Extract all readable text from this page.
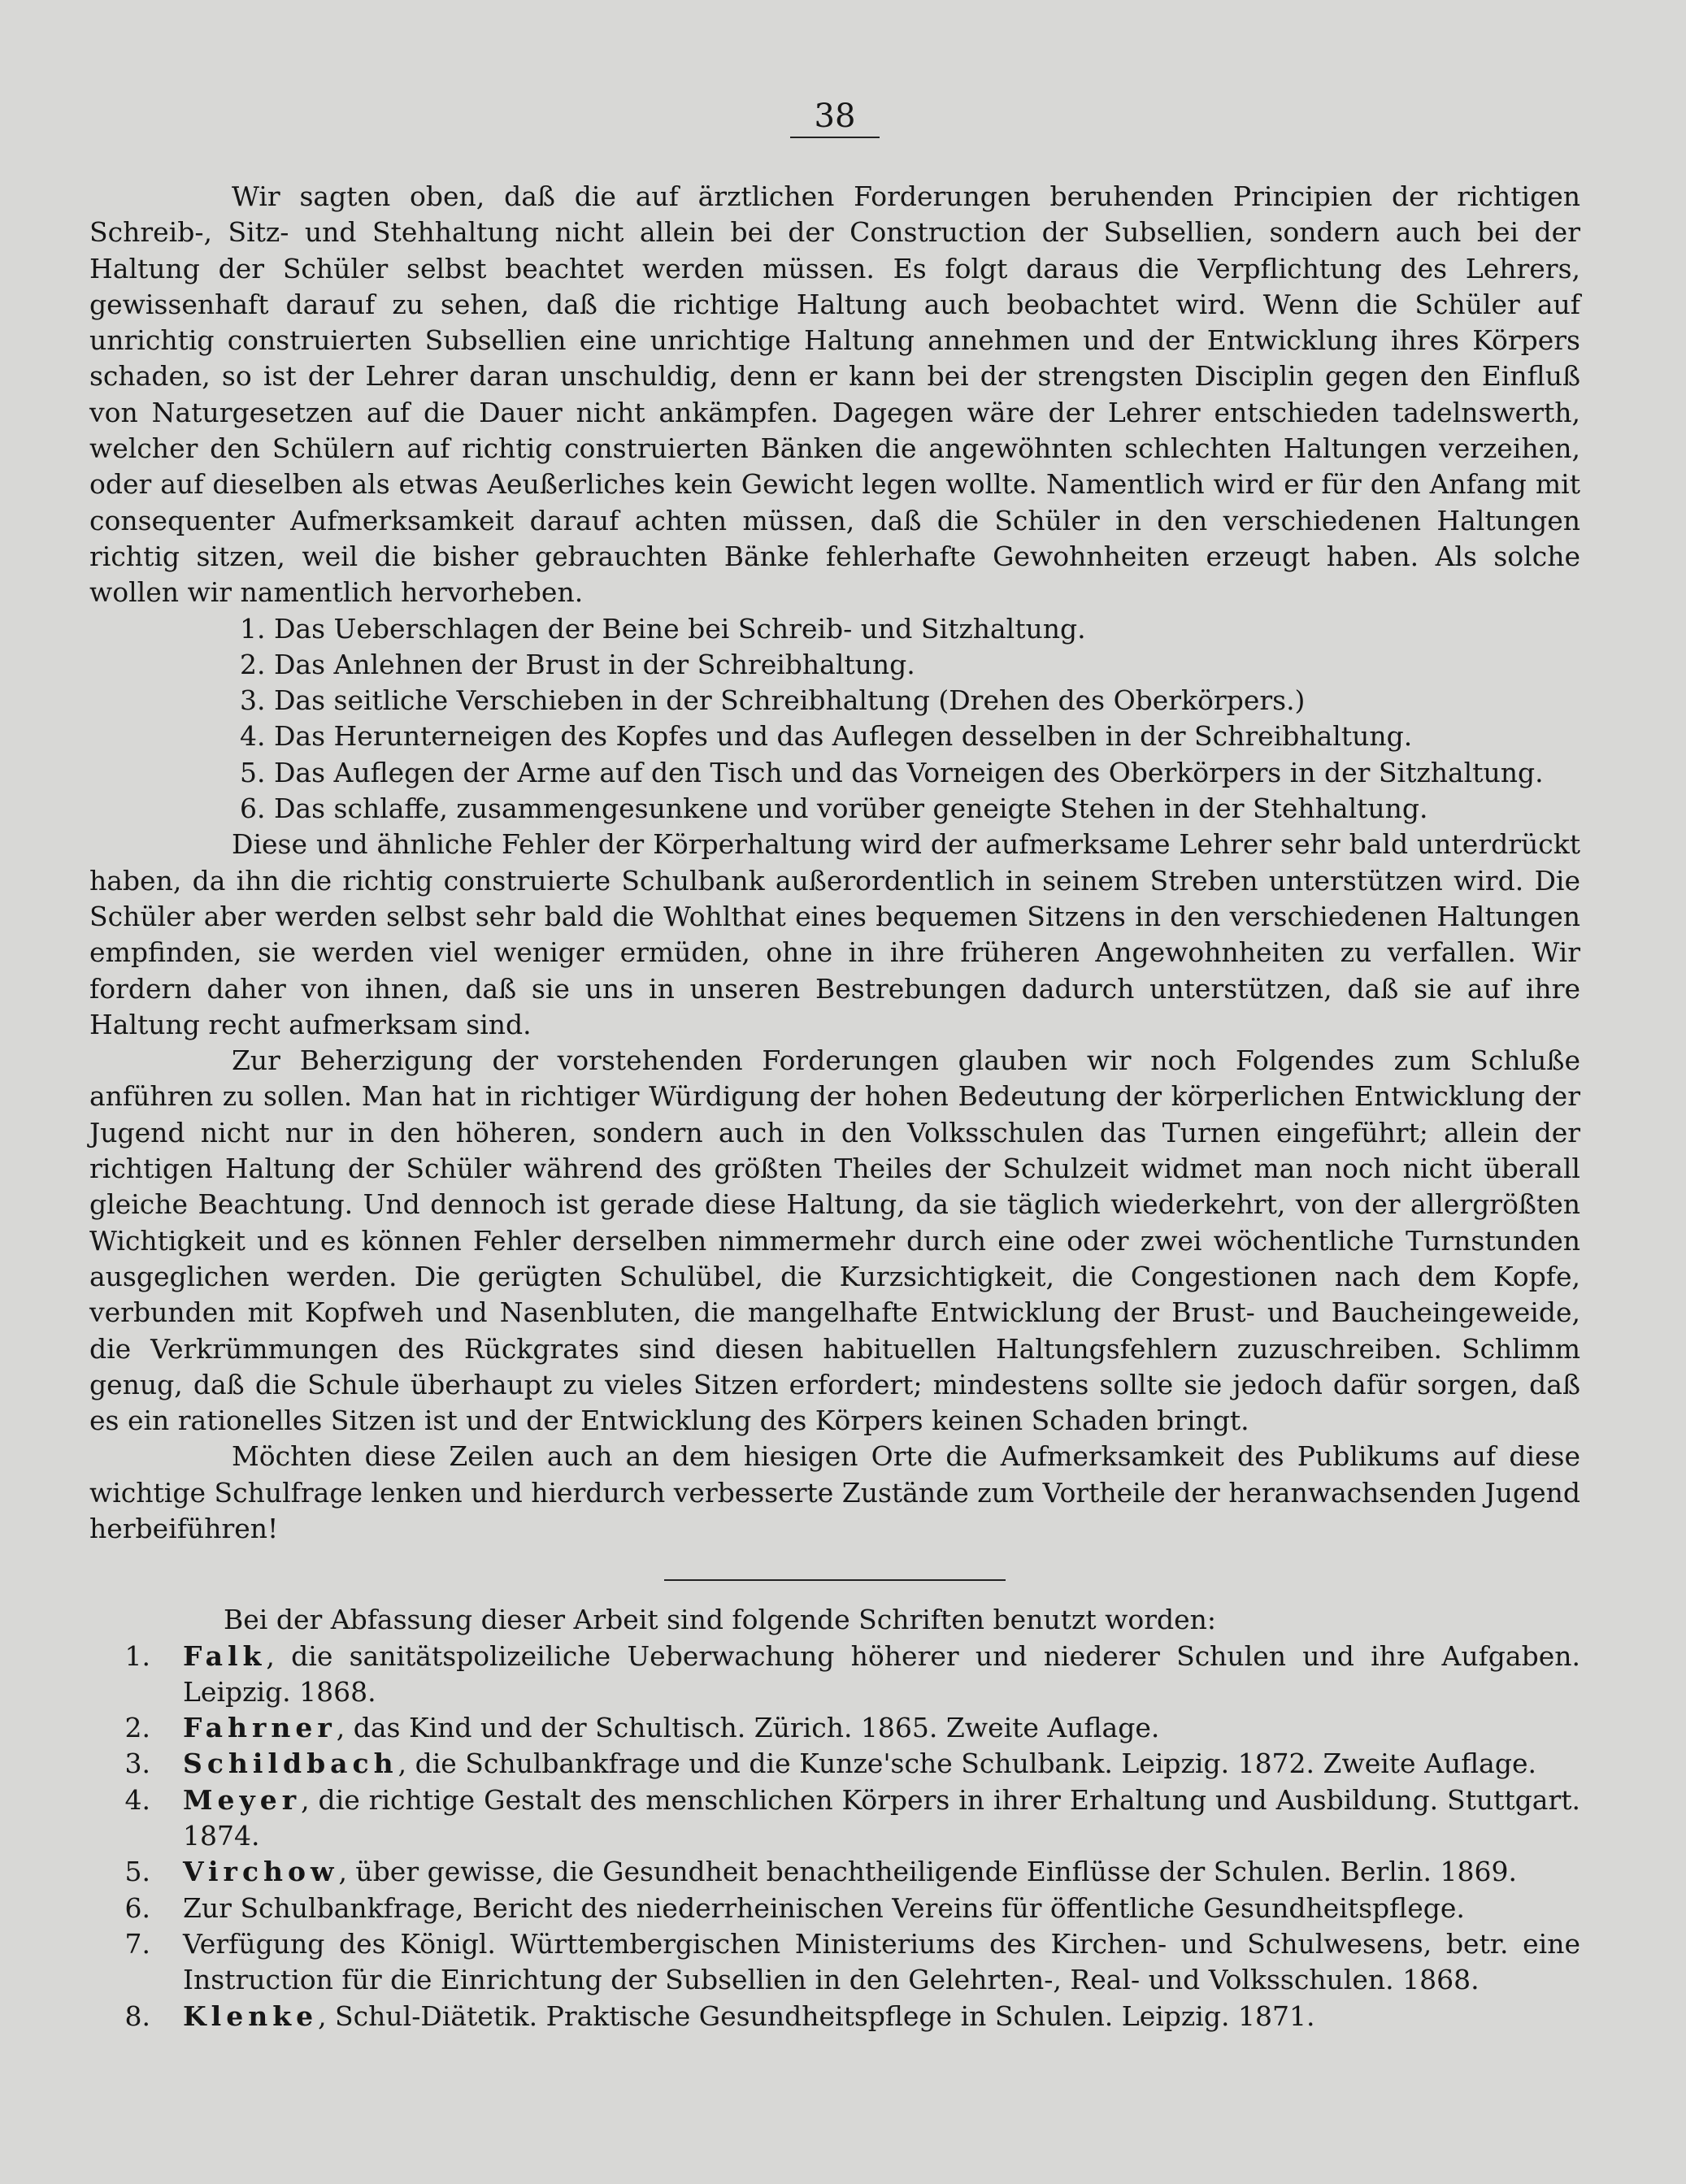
38

Wir sagten oben, daß die auf ärztlichen Forderungen beruhenden Principien der richtigen Schreib-, Sitz- und Stehhaltung nicht allein bei der Construction der Subsellien, sondern auch bei der Haltung der Schüler selbst beachtet werden müssen. Es folgt daraus die Verpflichtung des Lehrers, gewissenhaft darauf zu sehen, daß die richtige Haltung auch beobachtet wird. Wenn die Schüler auf unrichtig construierten Subsellien eine unrichtige Haltung annehmen und der Entwicklung ihres Körpers schaden, so ist der Lehrer daran unschuldig, denn er kann bei der strengsten Disciplin gegen den Einfluß von Naturgesetzen auf die Dauer nicht ankämpfen. Dagegen wäre der Lehrer entschieden tadelnswerth, welcher den Schülern auf richtig construierten Bänken die angewöhnten schlechten Haltungen verzeihen, oder auf dieselben als etwas Aeußerliches kein Gewicht legen wollte. Namentlich wird er für den Anfang mit consequenter Aufmerksamkeit darauf achten müssen, daß die Schüler in den verschiedenen Haltungen richtig sitzen, weil die bisher gebrauchten Bänke fehlerhafte Gewohnheiten erzeugt haben. Als solche wollen wir namentlich hervorheben.

1. Das Ueberschlagen der Beine bei Schreib- und Sitzhaltung.
2. Das Anlehnen der Brust in der Schreibhaltung.
3. Das seitliche Verschieben in der Schreibhaltung (Drehen des Oberkörpers.)
4. Das Herunterneigen des Kopfes und das Auflegen desselben in der Schreibhaltung.
5. Das Auflegen der Arme auf den Tisch und das Vorneigen des Oberkörpers in der Sitzhaltung.
6. Das schlaffe, zusammengesunkene und vorüber geneigte Stehen in der Stehhaltung.

Diese und ähnliche Fehler der Körperhaltung wird der aufmerksame Lehrer sehr bald unterdrückt haben, da ihn die richtig construierte Schulbank außerordentlich in seinem Streben unterstützen wird. Die Schüler aber werden selbst sehr bald die Wohlthat eines bequemen Sitzens in den verschiedenen Haltungen empfinden, sie werden viel weniger ermüden, ohne in ihre früheren Angewohnheiten zu verfallen. Wir fordern daher von ihnen, daß sie uns in unseren Bestrebungen dadurch unterstützen, daß sie auf ihre Haltung recht aufmerksam sind.

Zur Beherzigung der vorstehenden Forderungen glauben wir noch Folgendes zum Schluße anführen zu sollen. Man hat in richtiger Würdigung der hohen Bedeutung der körperlichen Entwicklung der Jugend nicht nur in den höheren, sondern auch in den Volksschulen das Turnen eingeführt; allein der richtigen Haltung der Schüler während des größten Theiles der Schulzeit widmet man noch nicht überall gleiche Beachtung. Und dennoch ist gerade diese Haltung, da sie täglich wiederkehrt, von der allergrößten Wichtigkeit und es können Fehler derselben nimmermehr durch eine oder zwei wöchentliche Turnstunden ausgeglichen werden. Die gerügten Schulübel, die Kurzsichtigkeit, die Congestionen nach dem Kopfe, verbunden mit Kopfweh und Nasenbluten, die mangelhafte Entwicklung der Brust- und Baucheingeweide, die Verkrümmungen des Rückgrates sind diesen habituellen Haltungsfehlern zuzuschreiben. Schlimm genug, daß die Schule überhaupt zu vieles Sitzen erfordert; mindestens sollte sie jedoch dafür sorgen, daß es ein rationelles Sitzen ist und der Entwicklung des Körpers keinen Schaden bringt.

Möchten diese Zeilen auch an dem hiesigen Orte die Aufmerksamkeit des Publikums auf diese wichtige Schulfrage lenken und hierdurch verbesserte Zustände zum Vortheile der heranwachsenden Jugend herbeiführen!

Bei der Abfassung dieser Arbeit sind folgende Schriften benutzt worden:

1.	Falk, die sanitätspolizeiliche Ueberwachung höherer und niederer Schulen und ihre Aufgaben. Leipzig. 1868.
2.	Fahrner, das Kind und der Schultisch. Zürich. 1865. Zweite Auflage.
3.	Schildbach, die Schulbankfrage und die Kunze'sche Schulbank. Leipzig. 1872. Zweite Auflage.
4.	Meyer, die richtige Gestalt des menschlichen Körpers in ihrer Erhaltung und Ausbildung. Stuttgart. 1874.
5.	Virchow, über gewisse, die Gesundheit benachtheiligende Einflüsse der Schulen. Berlin. 1869.
6.	Zur Schulbankfrage, Bericht des niederrheinischen Vereins für öffentliche Gesundheitspflege.
7.	Verfügung des Königl. Württembergischen Ministeriums des Kirchen- und Schulwesens, betr. eine Instruction für die Einrichtung der Subsellien in den Gelehrten-, Real- und Volksschulen. 1868.
8.	Klenke, Schul-Diätetik. Praktische Gesundheitspflege in Schulen. Leipzig. 1871.
